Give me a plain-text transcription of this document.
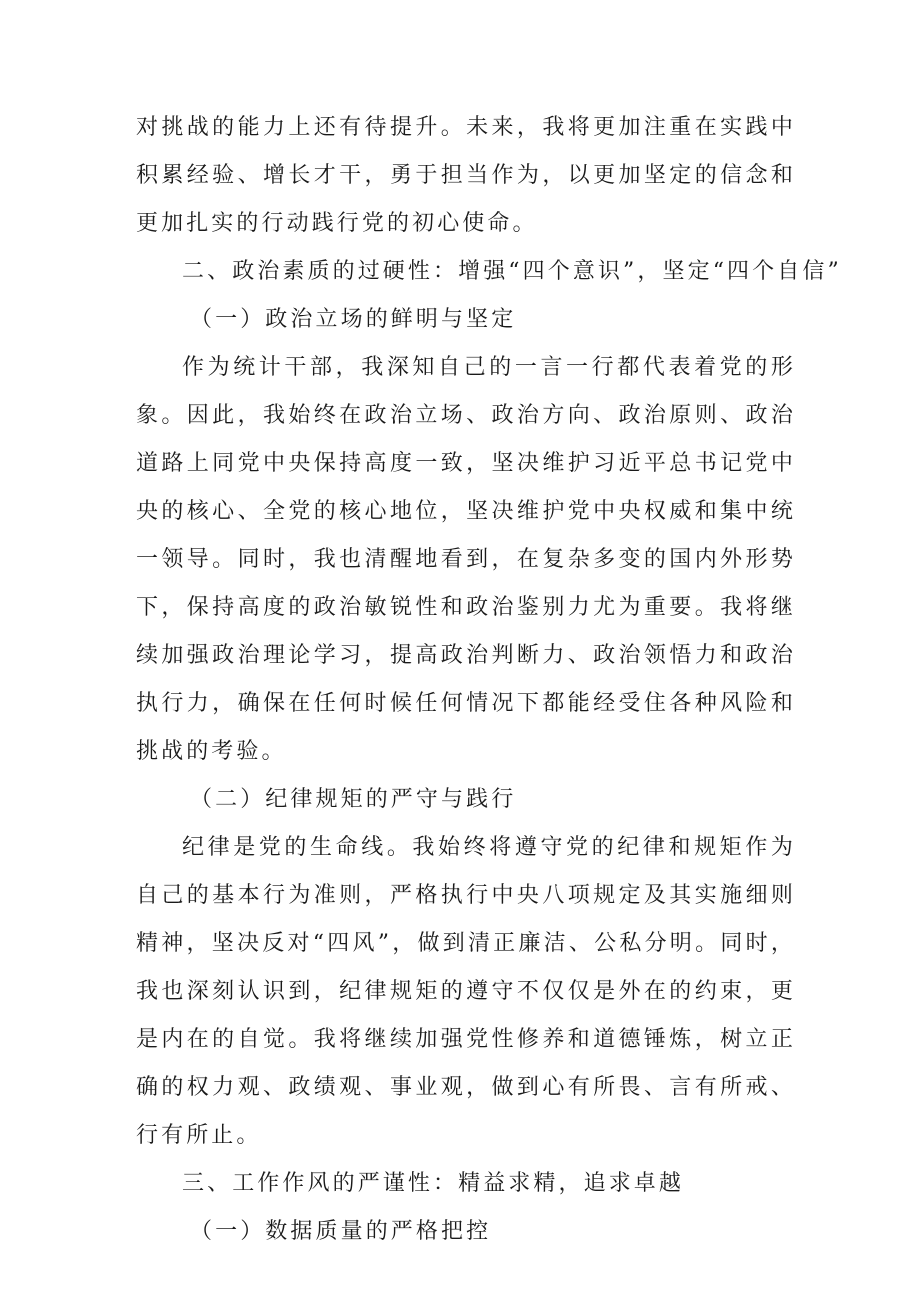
对挑战的能力上还有待提升。未来，我将更加注重在实践中积累经验、增长才干，勇于担当作为，以更加坚定的信念和更加扎实的行动践行党的初心使命。

二、政治素质的过硬性：增强“四个意识”，坚定“四个自信”

（一）政治立场的鲜明与坚定

作为统计干部，我深知自己的一言一行都代表着党的形象。因此，我始终在政治立场、政治方向、政治原则、政治道路上同党中央保持高度一致，坚决维护习近平总书记党中央的核心、全党的核心地位，坚决维护党中央权威和集中统一领导。同时，我也清醒地看到，在复杂多变的国内外形势下，保持高度的政治敏锐性和政治鉴别力尤为重要。我将继续加强政治理论学习，提高政治判断力、政治领悟力和政治执行力，确保在任何时候任何情况下都能经受住各种风险和挑战的考验。

（二）纪律规矩的严守与践行

纪律是党的生命线。我始终将遵守党的纪律和规矩作为自己的基本行为准则，严格执行中央八项规定及其实施细则精神，坚决反对“四风”，做到清正廉洁、公私分明。同时，我也深刻认识到，纪律规矩的遵守不仅仅是外在的约束，更是内在的自觉。我将继续加强党性修养和道德锤炼，树立正确的权力观、政绩观、事业观，做到心有所畏、言有所戒、行有所止。

三、工作作风的严谨性：精益求精，追求卓越

（一）数据质量的严格把控
